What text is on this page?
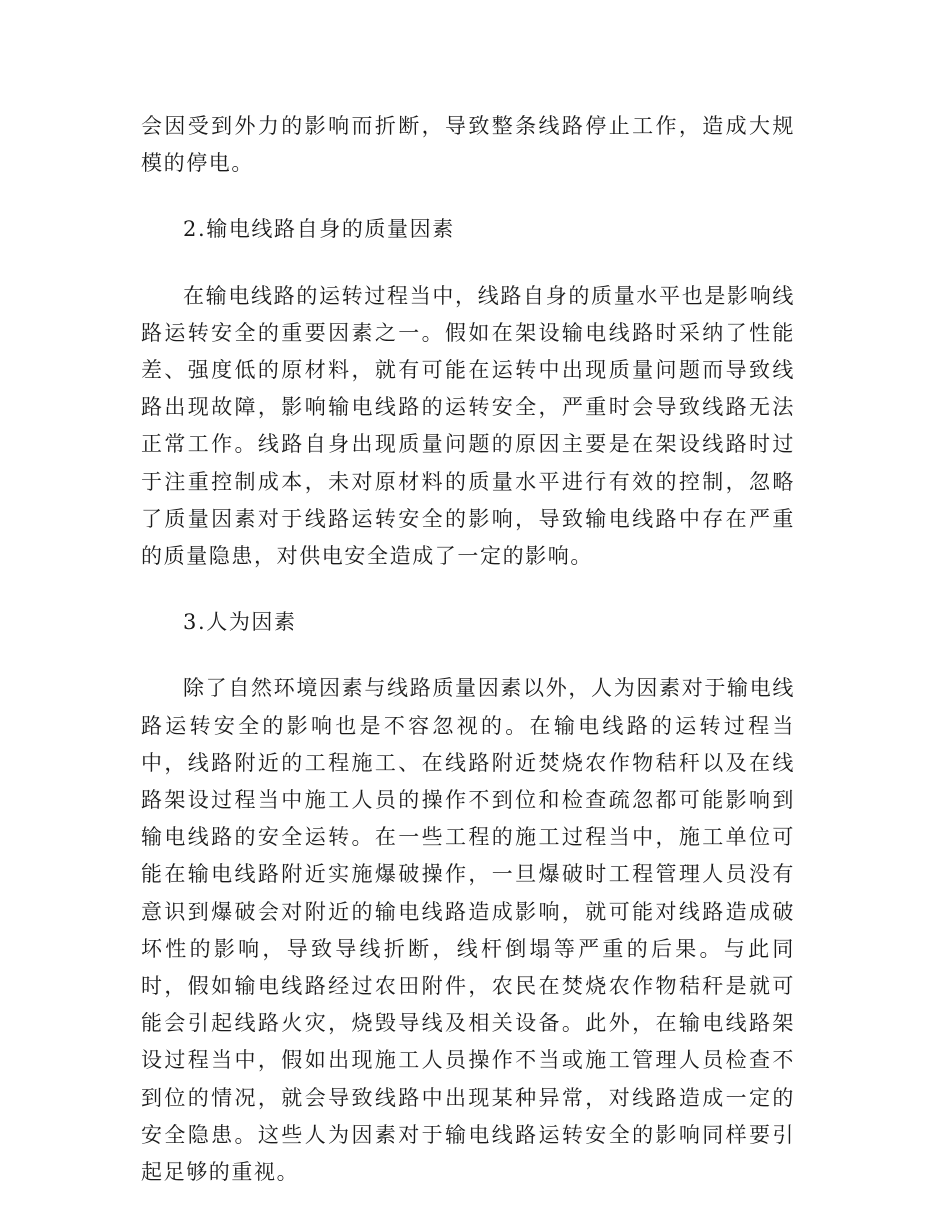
会因受到外力的影响而折断，导致整条线路停止工作，造成大规模的停电。

2.输电线路自身的质量因素

在输电线路的运转过程当中，线路自身的质量水平也是影响线路运转安全的重要因素之一。假如在架设输电线路时采纳了性能差、强度低的原材料，就有可能在运转中出现质量问题而导致线路出现故障，影响输电线路的运转安全，严重时会导致线路无法正常工作。线路自身出现质量问题的原因主要是在架设线路时过于注重控制成本，未对原材料的质量水平进行有效的控制，忽略了质量因素对于线路运转安全的影响，导致输电线路中存在严重的质量隐患，对供电安全造成了一定的影响。

3.人为因素

除了自然环境因素与线路质量因素以外，人为因素对于输电线路运转安全的影响也是不容忽视的。在输电线路的运转过程当中，线路附近的工程施工、在线路附近焚烧农作物秸秆以及在线路架设过程当中施工人员的操作不到位和检查疏忽都可能影响到输电线路的安全运转。在一些工程的施工过程当中，施工单位可能在输电线路附近实施爆破操作，一旦爆破时工程管理人员没有意识到爆破会对附近的输电线路造成影响，就可能对线路造成破坏性的影响，导致导线折断，线杆倒塌等严重的后果。与此同时，假如输电线路经过农田附件，农民在焚烧农作物秸秆是就可能会引起线路火灾，烧毁导线及相关设备。此外，在输电线路架设过程当中，假如出现施工人员操作不当或施工管理人员检查不到位的情况，就会导致线路中出现某种异常，对线路造成一定的安全隐患。这些人为因素对于输电线路运转安全的影响同样要引起足够的重视。
